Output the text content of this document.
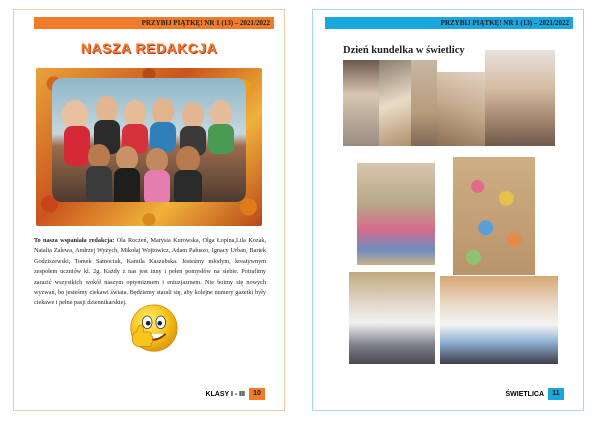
PRZYBIJ PIĄTKĘ! NR 1 (13) – 2021/2022
NASZA REDAKCJA

To nasza wspaniała redakcja: Ola Roczeń, Marysia Kurowska, Olga Łopina,Lila Kozak, Natalia Zalewa, Andrzej Wyżych, Mikołaj Wojtowicz, Adam Pałuszo, Ignacy Urban, Bartek Godziszewski, Tomek Samociuk, Kamila Kaszubska. Jesteśmy młodym, kreatywnym zespołem uczniów kl. 2g. Każdy z nas jest inny i pełen pomysłów na siebie. Potrafimy zarazić wszystkich wokół naszym optymizmem i entuzjazmem. Nie boimy się nowych wyzwań, bo jesteśmy ciekawi świata. Będziemy starali się, aby kolejne numery gazetki były ciekawe i pełne pasji dziennikarskiej.

KLASY I - III	10
PRZYBIJ PIĄTKĘ! NR 1 (13) – 2021/2022
Dzień kundelka w świetlicy
ŚWIETLICA	11
